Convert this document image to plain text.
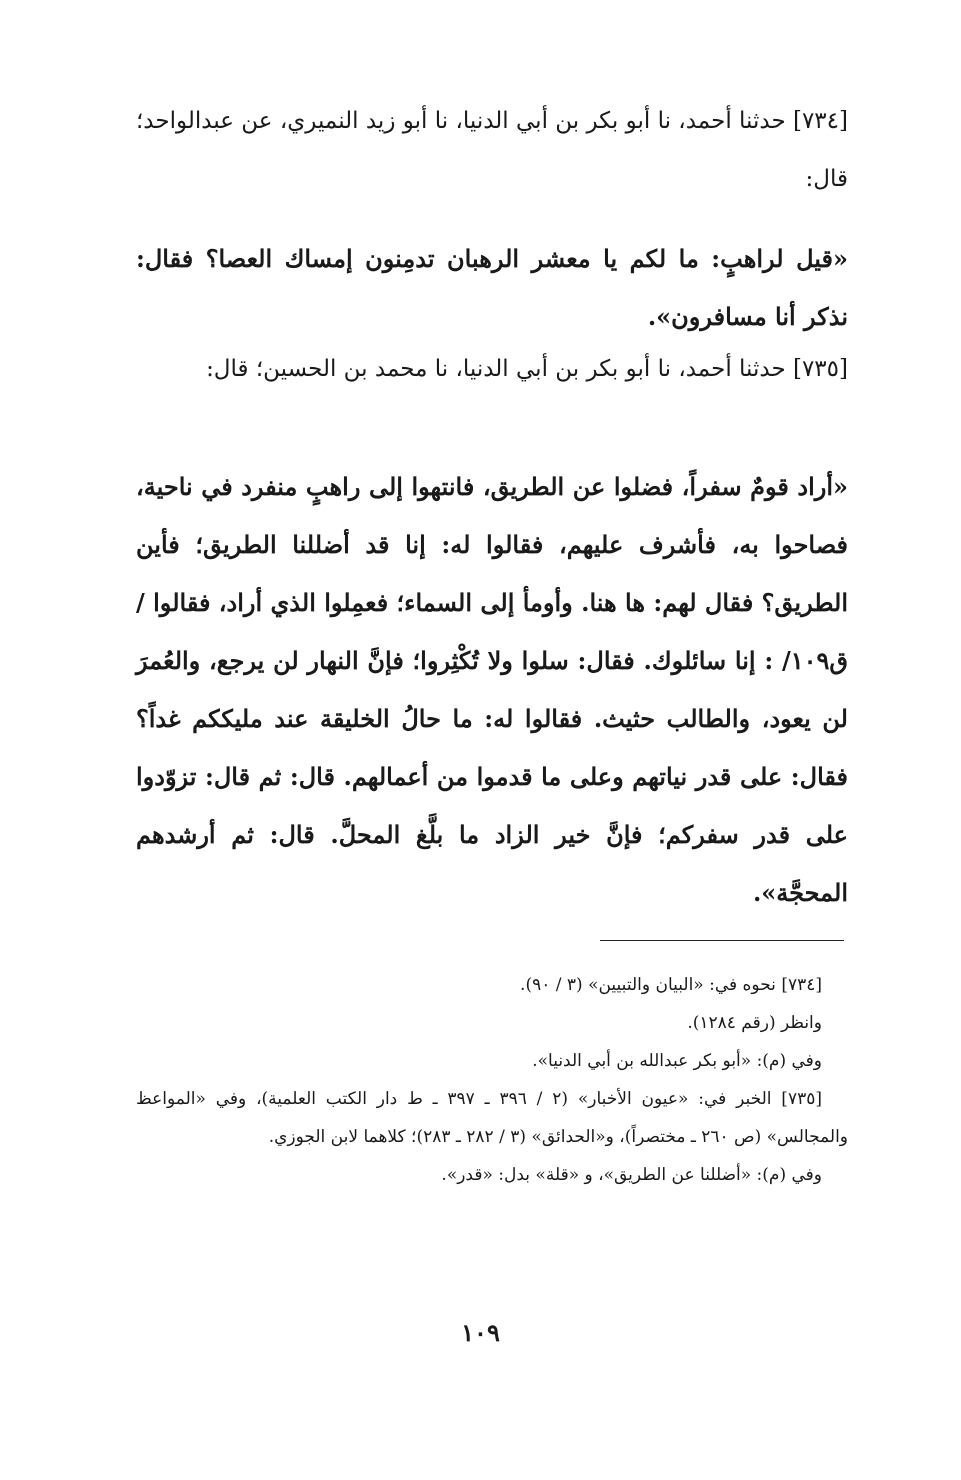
[٧٣٤] حدثنا أحمد، نا أبو بكر بن أبي الدنيا، نا أبو زيد النميري، عن عبدالواحد؛ قال:

«قيل لراهبٍ: ما لكم يا معشر الرهبان تدمِنون إمساك العصا؟ فقال: نذكر أنا مسافرون».

[٧٣٥] حدثنا أحمد، نا أبو بكر بن أبي الدنيا، نا محمد بن الحسين؛ قال:

«أراد قومٌ سفراً، فضلوا عن الطريق، فانتهوا إلى راهبٍ منفرد في ناحية، فصاحوا به، فأشرف عليهم، فقالوا له: إنا قد أضللنا الطريق؛ فأين الطريق؟ فقال لهم: ها هنا. وأومأ إلى السماء؛ فعمِلوا الذي أراد، فقالوا / ق١٠٩/ : إنا سائلوك. فقال: سلوا ولا تُكْثِروا؛ فإنَّ النهار لن يرجع، والعُمرَ لن يعود، والطالب حثيث. فقالوا له: ما حالُ الخليقة عند مليككم غداً؟ فقال: على قدر نياتهم وعلى ما قدموا من أعمالهم. قال: ثم قال: تزوّدوا على قدر سفركم؛ فإنَّ خير الزاد ما بلَّغ المحلَّ. قال: ثم أرشدهم المحجَّة».

[٧٣٤] نحوه في: «البيان والتبيين» (٣ / ٩٠).

وانظر (رقم ١٢٨٤).

وفي (م): «أبو بكر عبدالله بن أبي الدنيا».

[٧٣٥] الخبر في: «عيون الأخبار» (٢ / ٣٩٦ ـ ٣٩٧ ـ ط دار الكتب العلمية)، وفي «المواعظ والمجالس» (ص ٢٦٠ ـ مختصراً)، و«الحدائق» (٣ / ٢٨٢ ـ ٢٨٣)؛ كلاهما لابن الجوزي.

وفي (م): «أضللنا عن الطريق»، و «قلة» بدل: «قدر».

١٠٩
